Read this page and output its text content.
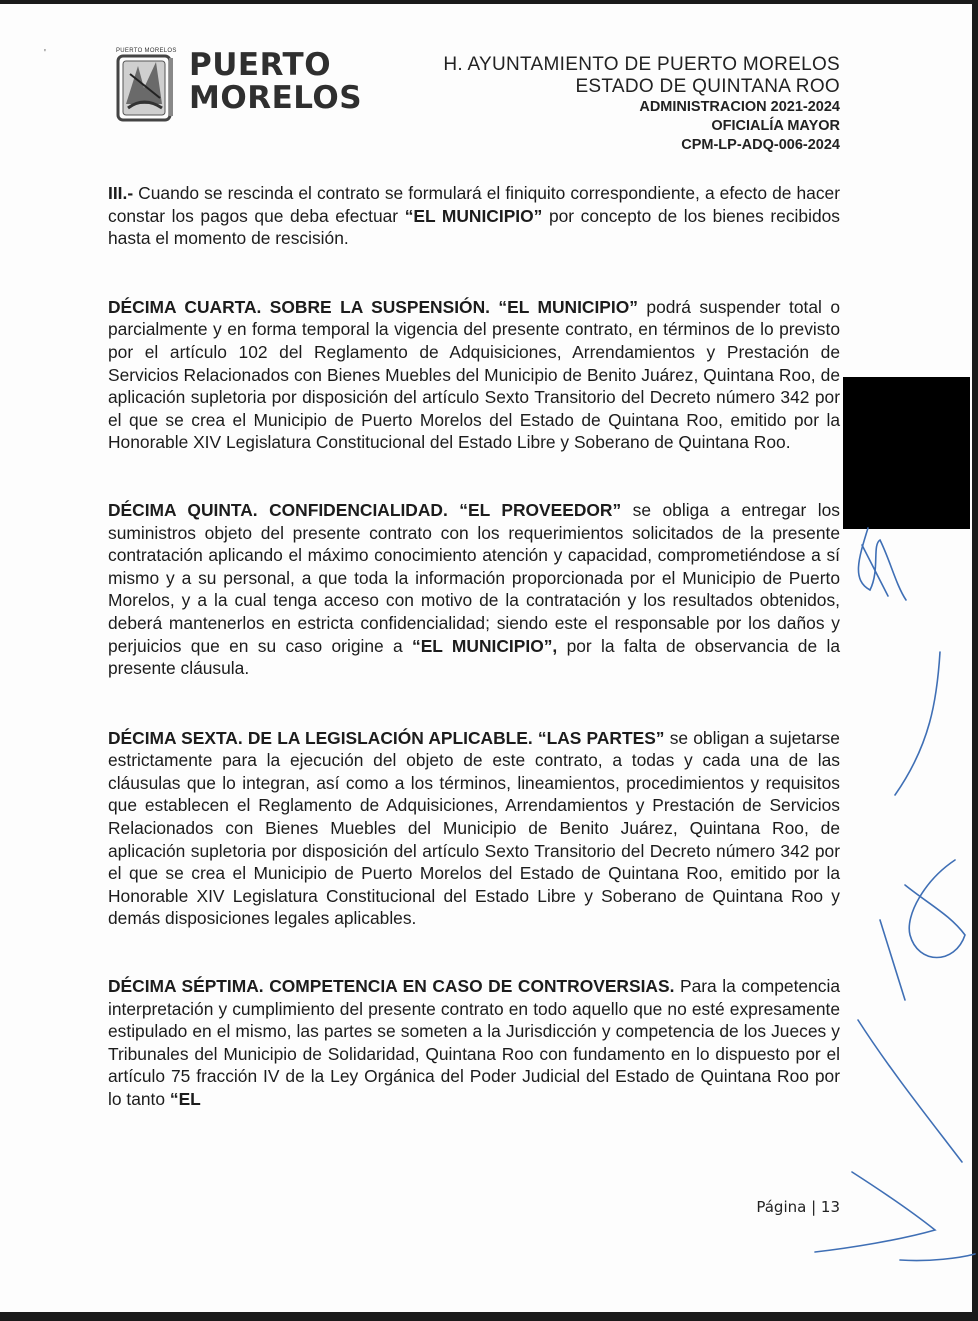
PUERTO MORELOS PUERTO
MORELOS
H. AYUNTAMIENTO DE PUERTO MORELOS
ESTADO DE QUINTANA ROO
ADMINISTRACION 2021-2024
OFICIALÍA MAYOR
CPM-LP-ADQ-006-2024

III.- Cuando se rescinda el contrato se formulará el finiquito correspondiente, a efecto de hacer constar los pagos que deba efectuar “EL MUNICIPIO” por concepto de los bienes recibidos hasta el momento de rescisión.

DÉCIMA CUARTA. SOBRE LA SUSPENSIÓN. “EL MUNICIPIO” podrá suspender total o parcialmente y en forma temporal la vigencia del presente contrato, en términos de lo previsto por el artículo 102 del Reglamento de Adquisiciones, Arrendamientos y Prestación de Servicios Relacionados con Bienes Muebles del Municipio de Benito Juárez, Quintana Roo, de aplicación supletoria por disposición del artículo Sexto Transitorio del Decreto número 342 por el que se crea el Municipio de Puerto Morelos del Estado de Quintana Roo, emitido por la Honorable XIV Legislatura Constitucional del Estado Libre y Soberano de Quintana Roo.

DÉCIMA QUINTA. CONFIDENCIALIDAD. “EL PROVEEDOR” se obliga a entregar los suministros objeto del presente contrato con los requerimientos solicitados de la presente contratación aplicando el máximo conocimiento atención y capacidad, comprometiéndose a sí mismo y a su personal, a que toda la información proporcionada por el Municipio de Puerto Morelos, y a la cual tenga acceso con motivo de la contratación y los resultados obtenidos, deberá mantenerlos en estricta confidencialidad; siendo este el responsable por los daños y perjuicios que en su caso origine a “EL MUNICIPIO”, por la falta de observancia de la presente cláusula.

DÉCIMA SEXTA. DE LA LEGISLACIÓN APLICABLE. “LAS PARTES” se obligan a sujetarse estrictamente para la ejecución del objeto de este contrato, a todas y cada una de las cláusulas que lo integran, así como a los términos, lineamientos, procedimientos y requisitos que establecen el Reglamento de Adquisiciones, Arrendamientos y Prestación de Servicios Relacionados con Bienes Muebles del Municipio de Benito Juárez, Quintana Roo, de aplicación supletoria por disposición del artículo Sexto Transitorio del Decreto número 342 por el que se crea el Municipio de Puerto Morelos del Estado de Quintana Roo, emitido por la Honorable XIV Legislatura Constitucional del Estado Libre y Soberano de Quintana Roo y demás disposiciones legales aplicables.

DÉCIMA SÉPTIMA. COMPETENCIA EN CASO DE CONTROVERSIAS. Para la competencia interpretación y cumplimiento del presente contrato en todo aquello que no esté expresamente estipulado en el mismo, las partes se someten a la Jurisdicción y competencia de los Jueces y Tribunales del Municipio de Solidaridad, Quintana Roo con fundamento en lo dispuesto por el artículo 75 fracción IV de la Ley Orgánica del Poder Judicial del Estado de Quintana Roo por lo tanto “EL

Página | 13
'
